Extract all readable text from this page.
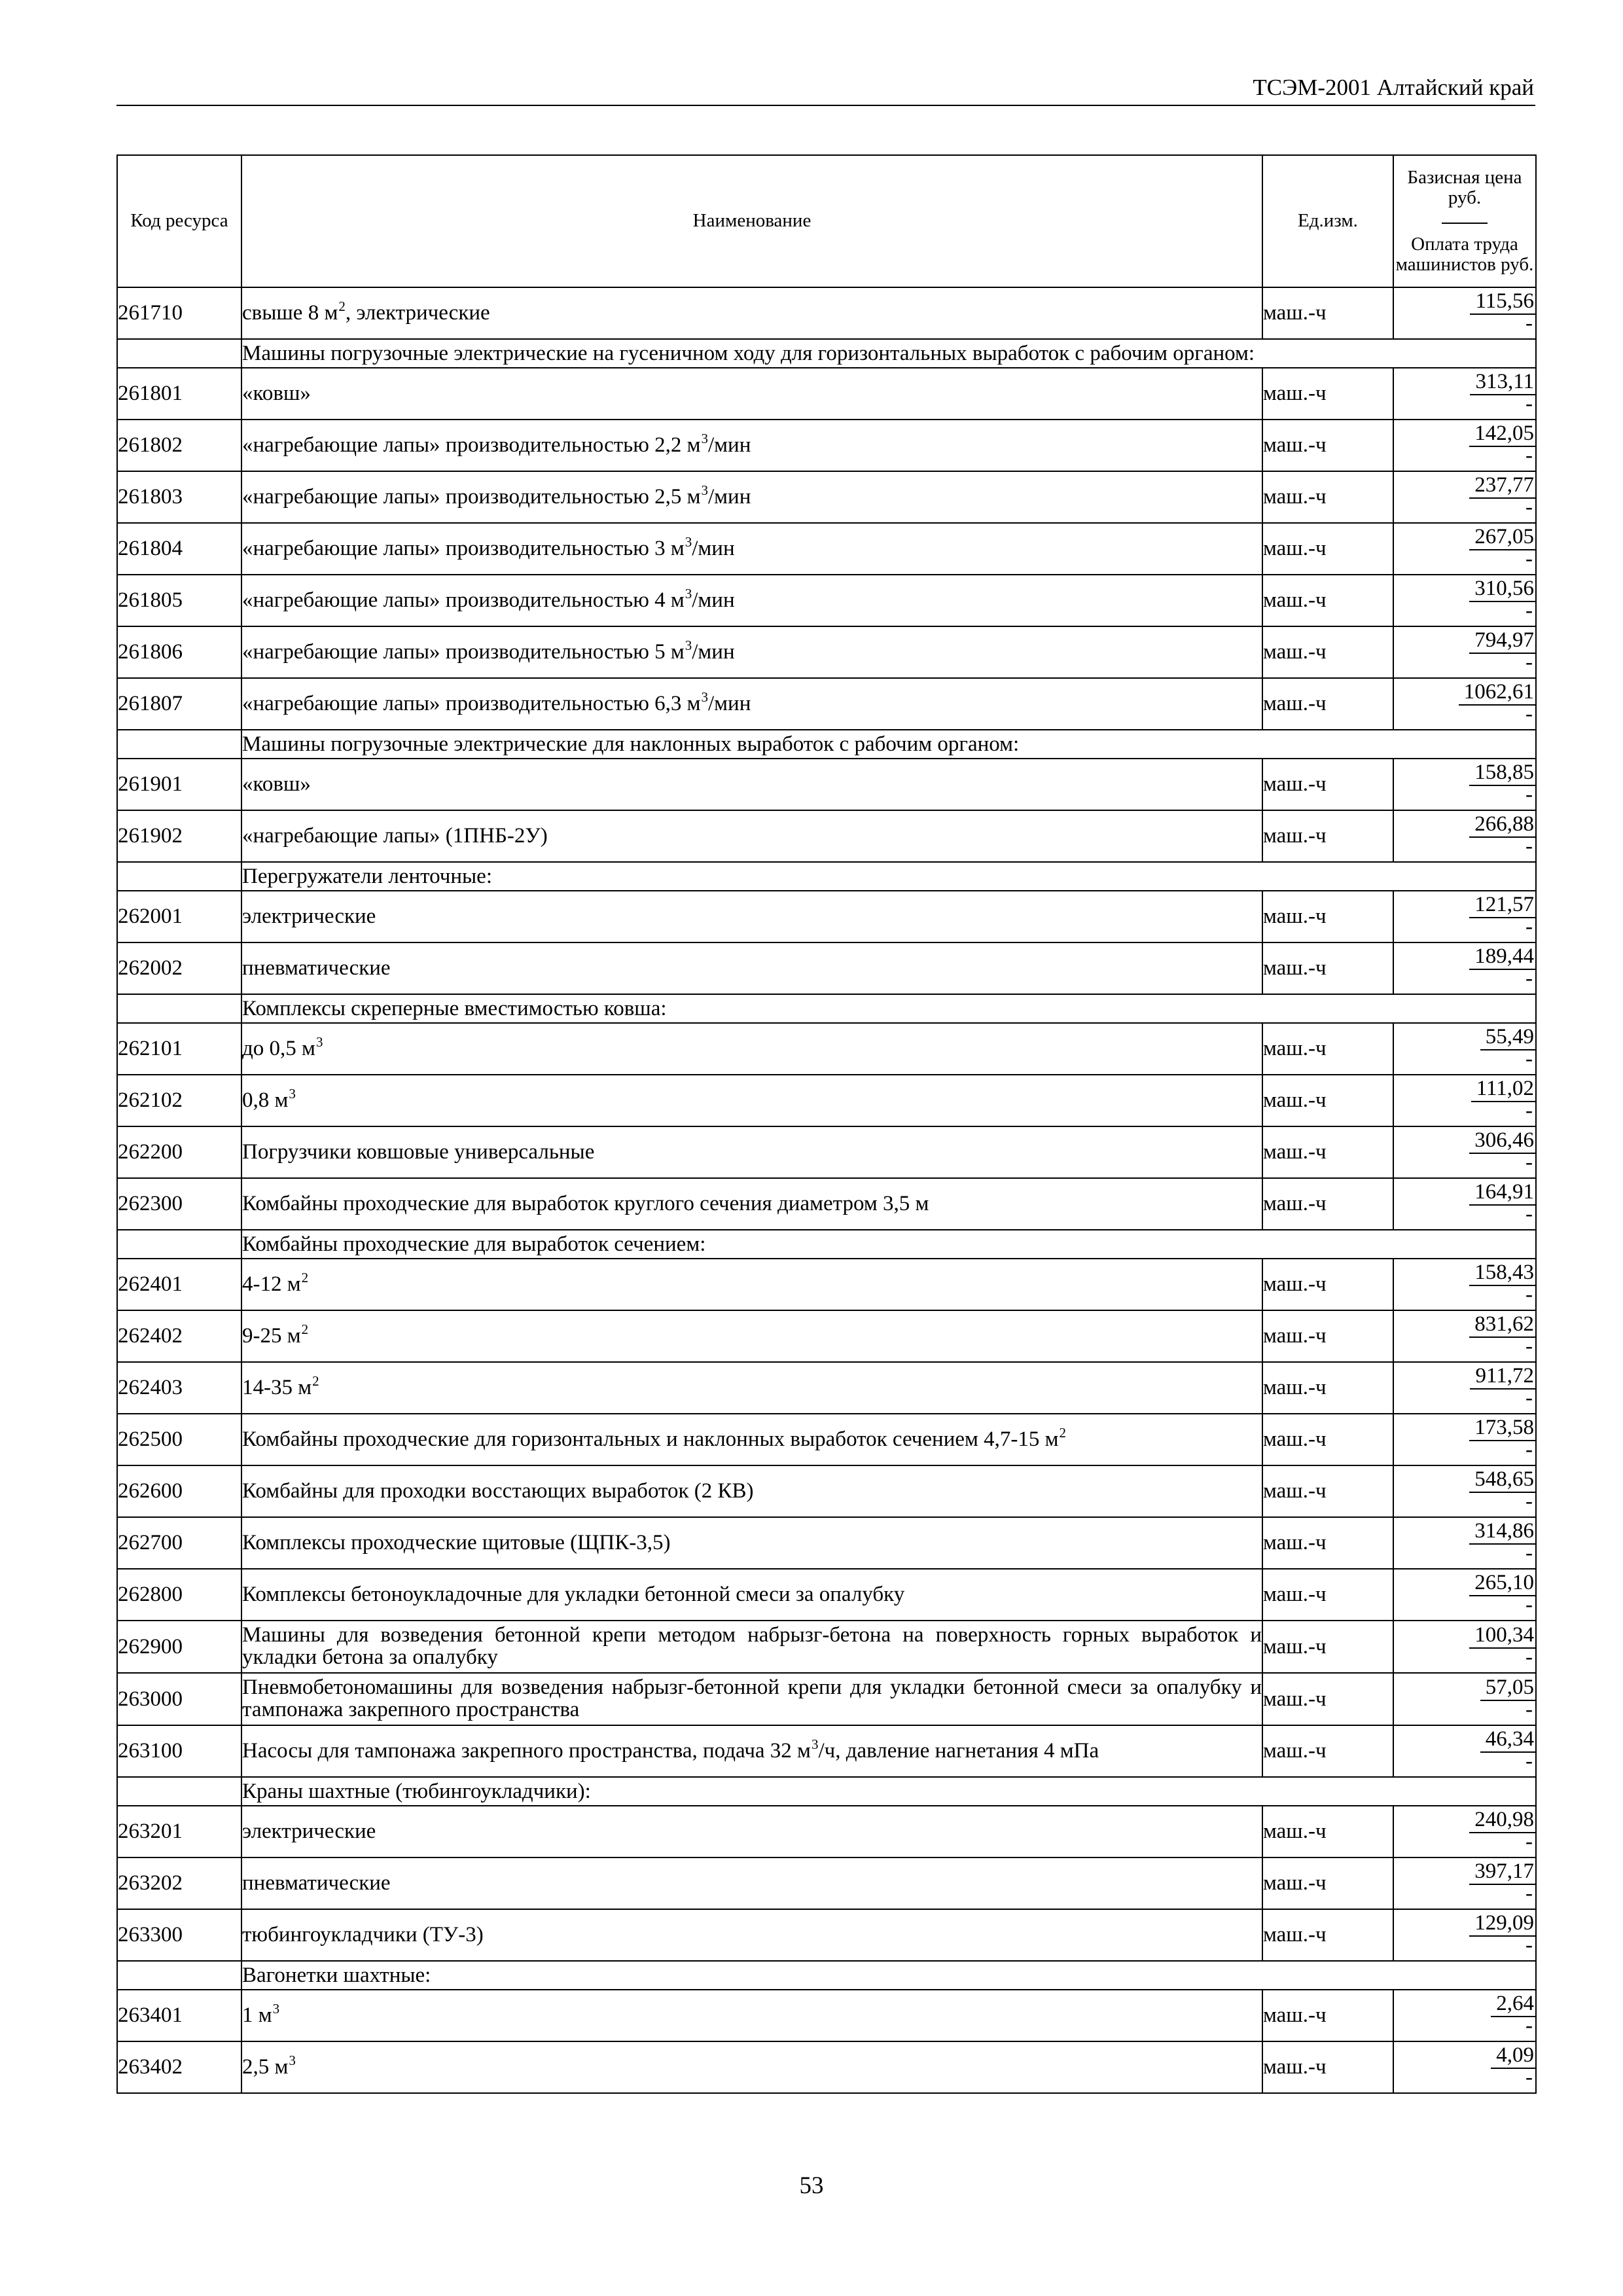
ТСЭМ-2001 Алтайский край
Код ресурса	Наименование	Ед.изм.	Базисная цена руб.
Оплата труда машинистов руб.

261710	свыше 8 $м^2$, электрические	маш.-ч	115,56
-

	Машины погрузочные электрические на гусеничном ходу для горизонтальных выработок с рабочим органом:		
261801	«ковш»	маш.-ч	313,11
-

261802	«нагребающие лапы» производительностью 2,2 $м^3$/мин	маш.-ч	142,05
-

261803	«нагребающие лапы» производительностью 2,5 $м^3$/мин	маш.-ч	237,77
-

261804	«нагребающие лапы» производительностью 3 $м^3$/мин	маш.-ч	267,05
-

261805	«нагребающие лапы» производительностью 4 $м^3$/мин	маш.-ч	310,56
-

261806	«нагребающие лапы» производительностью 5 $м^3$/мин	маш.-ч	794,97
-

261807	«нагребающие лапы» производительностью 6,3 $м^3$/мин	маш.-ч	1062,61
-

	Машины погрузочные электрические для наклонных выработок с рабочим органом:		
261901	«ковш»	маш.-ч	158,85
-

261902	«нагребающие лапы» (1ПНБ-2У)	маш.-ч	266,88
-

	Перегружатели ленточные:		
262001	электрические	маш.-ч	121,57
-

262002	пневматические	маш.-ч	189,44
-

	Комплексы скреперные вместимостью ковша:		
262101	до 0,5 $м^3$	маш.-ч	55,49
-

262102	0,8 $м^3$	маш.-ч	111,02
-

262200	Погрузчики ковшовые универсальные	маш.-ч	306,46
-

262300	Комбайны проходческие для выработок круглого сечения диаметром 3,5 м	маш.-ч	164,91
-

	Комбайны проходческие для выработок сечением:		
262401	4-12 $м^2$	маш.-ч	158,43
-

262402	9-25 $м^2$	маш.-ч	831,62
-

262403	14-35 $м^2$	маш.-ч	911,72
-

262500	Комбайны проходческие для горизонтальных и наклонных выработок сечением 4,7-15 $м^2$	маш.-ч	173,58
-

262600	Комбайны для проходки восстающих выработок (2 КВ)	маш.-ч	548,65
-

262700	Комплексы проходческие щитовые (ЩПК-3,5)	маш.-ч	314,86
-

262800	Комплексы бетоноукладочные для укладки бетонной смеси за опалубку	маш.-ч	265,10
-

262900	Машины для возведения бетонной крепи методом набрызг-бетона на поверхность горных выработок и укладки бетона за опалубку	маш.-ч	100,34
-

263000	Пневмобетономашины для возведения набрызг-бетонной крепи для укладки бетонной смеси за опалубку и тампонажа закрепного пространства	маш.-ч	57,05
-

263100	Насосы для тампонажа закрепного пространства, подача 32 $м^3/ч$, давление нагнетания 4 мПа	маш.-ч	46,34
-

	Краны шахтные (тюбингоукладчики):		
263201	электрические	маш.-ч	240,98
-

263202	пневматические	маш.-ч	397,17
-

263300	тюбингоукладчики (ТУ-3)	маш.-ч	129,09
-

	Вагонетки шахтные:		
263401	1 $м^3$	маш.-ч	2,64
-

263402	2,5 $м^3$	маш.-ч	4,09
-
53
